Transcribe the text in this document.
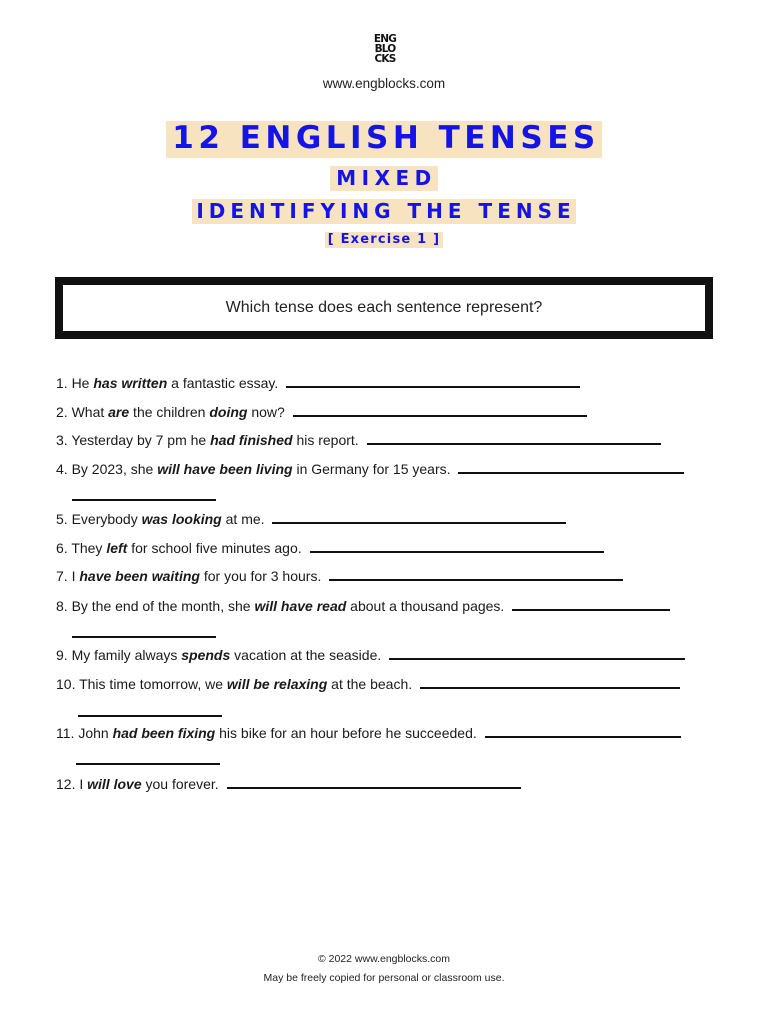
ENG
BLO
CKS
www.engblocks.com
12 ENGLISH TENSES
MIXED
IDENTIFYING THE TENSE
[ Exercise 1 ]
Which tense does each sentence represent?
1. He has written a fantastic essay.
2. What are the children doing now?
3. Yesterday by 7 pm he had finished his report.
4. By 2023, she will have been living in Germany for 15 years.
5. Everybody was looking at me.
6. They left for school five minutes ago.
7. I have been waiting for you for 3 hours.
8. By the end of the month, she will have read about a thousand pages.
9. My family always spends vacation at the seaside.
10. This time tomorrow, we will be relaxing at the beach.
11. John had been fixing his bike for an hour before he succeeded.
12. I will love you forever.
© 2022 www.engblocks.com
May be freely copied for personal or classroom use.
